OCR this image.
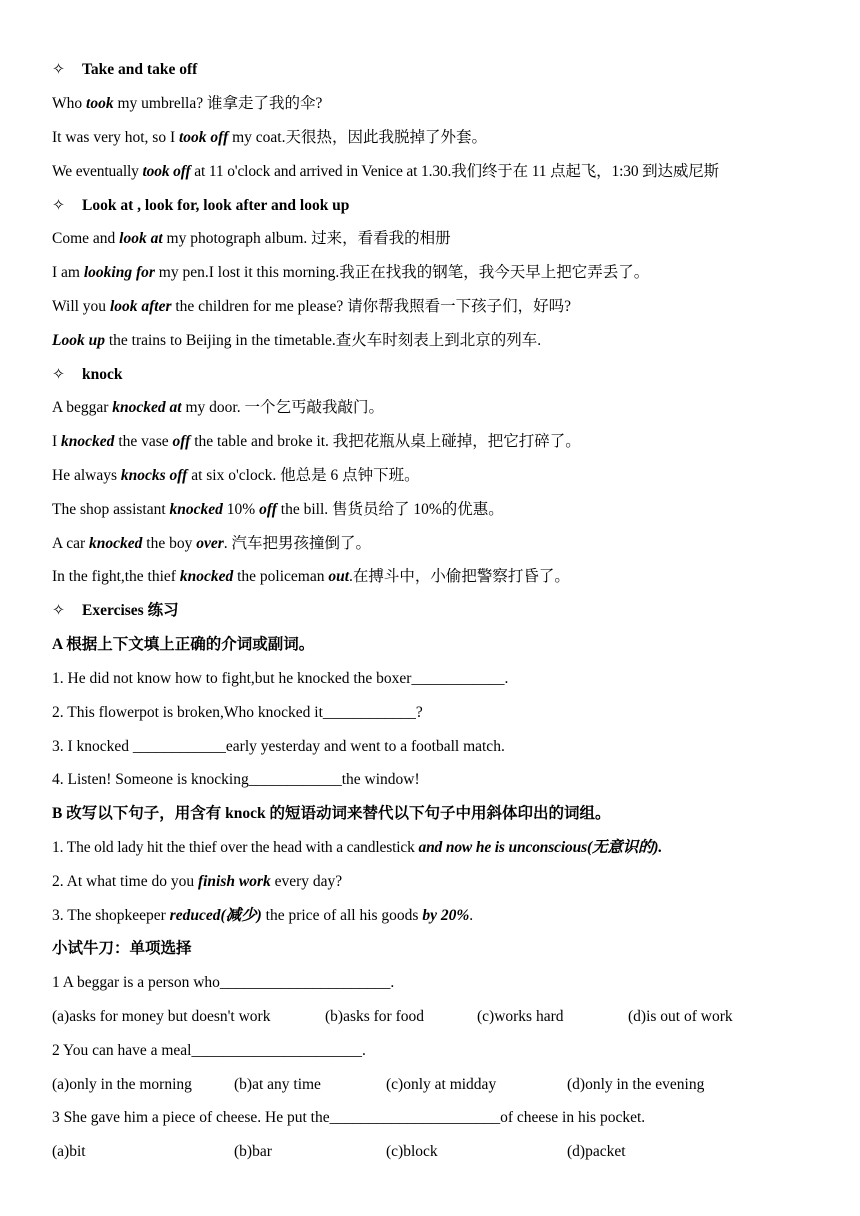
✧ Take and take off
Who took my umbrella? 谁拿走了我的伞?
It was very hot, so I took off my coat.天很热，因此我脱掉了外套。
We eventually took off at 11 o'clock and arrived in Venice at 1.30.我们终于在 11 点起飞，1:30 到达威尼斯
✧ Look at , look for, look after and look up
Come and look at my photograph album. 过来，看看我的相册
I am looking for my pen.I lost it this morning.我正在找我的钢笔，我今天早上把它弄丢了。
Will you look after the children for me please? 请你帮我照看一下孩子们，好吗?
Look up the trains to Beijing in the timetable.查火车时刻表上到北京的列车.
✧ knock
A beggar knocked at my door. 一个乞丐敲我敲门。
I knocked the vase off the table and broke it. 我把花瓶从桌上碰掉，把它打碎了。
He always knocks off at six o'clock. 他总是 6 点钟下班。
The shop assistant knocked 10% off the bill. 售货员给了 10%的优惠。
A car knocked the boy over. 汽车把男孩撞倒了。
In the fight,the thief knocked the policeman out.在搏斗中，小偷把警察打昏了。
✧ Exercises 练习
A 根据上下文填上正确的介词或副词。
1. He did not know how to fight,but he knocked the boxer____________.
2. This flowerpot is broken,Who knocked it____________?
3. I knocked ____________early yesterday and went to a football match.
4. Listen! Someone is knocking____________the window!
B 改写以下句子，用含有 knock 的短语动词来替代以下句子中用斜体印出的词组。
1. The old lady hit the thief over the head with a candlestick and now he is unconscious(无意识的).
2. At what time do you finish work every day?
3. The shopkeeper reduced(减少) the price of all his goods by 20%.
小试牛刀：单项选择
1 A beggar is a person who______________________.
(a)asks for money but doesn't work	(b)asks for food	(c)works hard	(d)is out of work
2 You can have a meal______________________.
(a)only in the morning	(b)at any time	(c)only at midday	(d)only in the evening
3 She gave him a piece of cheese. He put the______________________of cheese in his pocket.
(a)bit	(b)bar	(c)block	(d)packet
